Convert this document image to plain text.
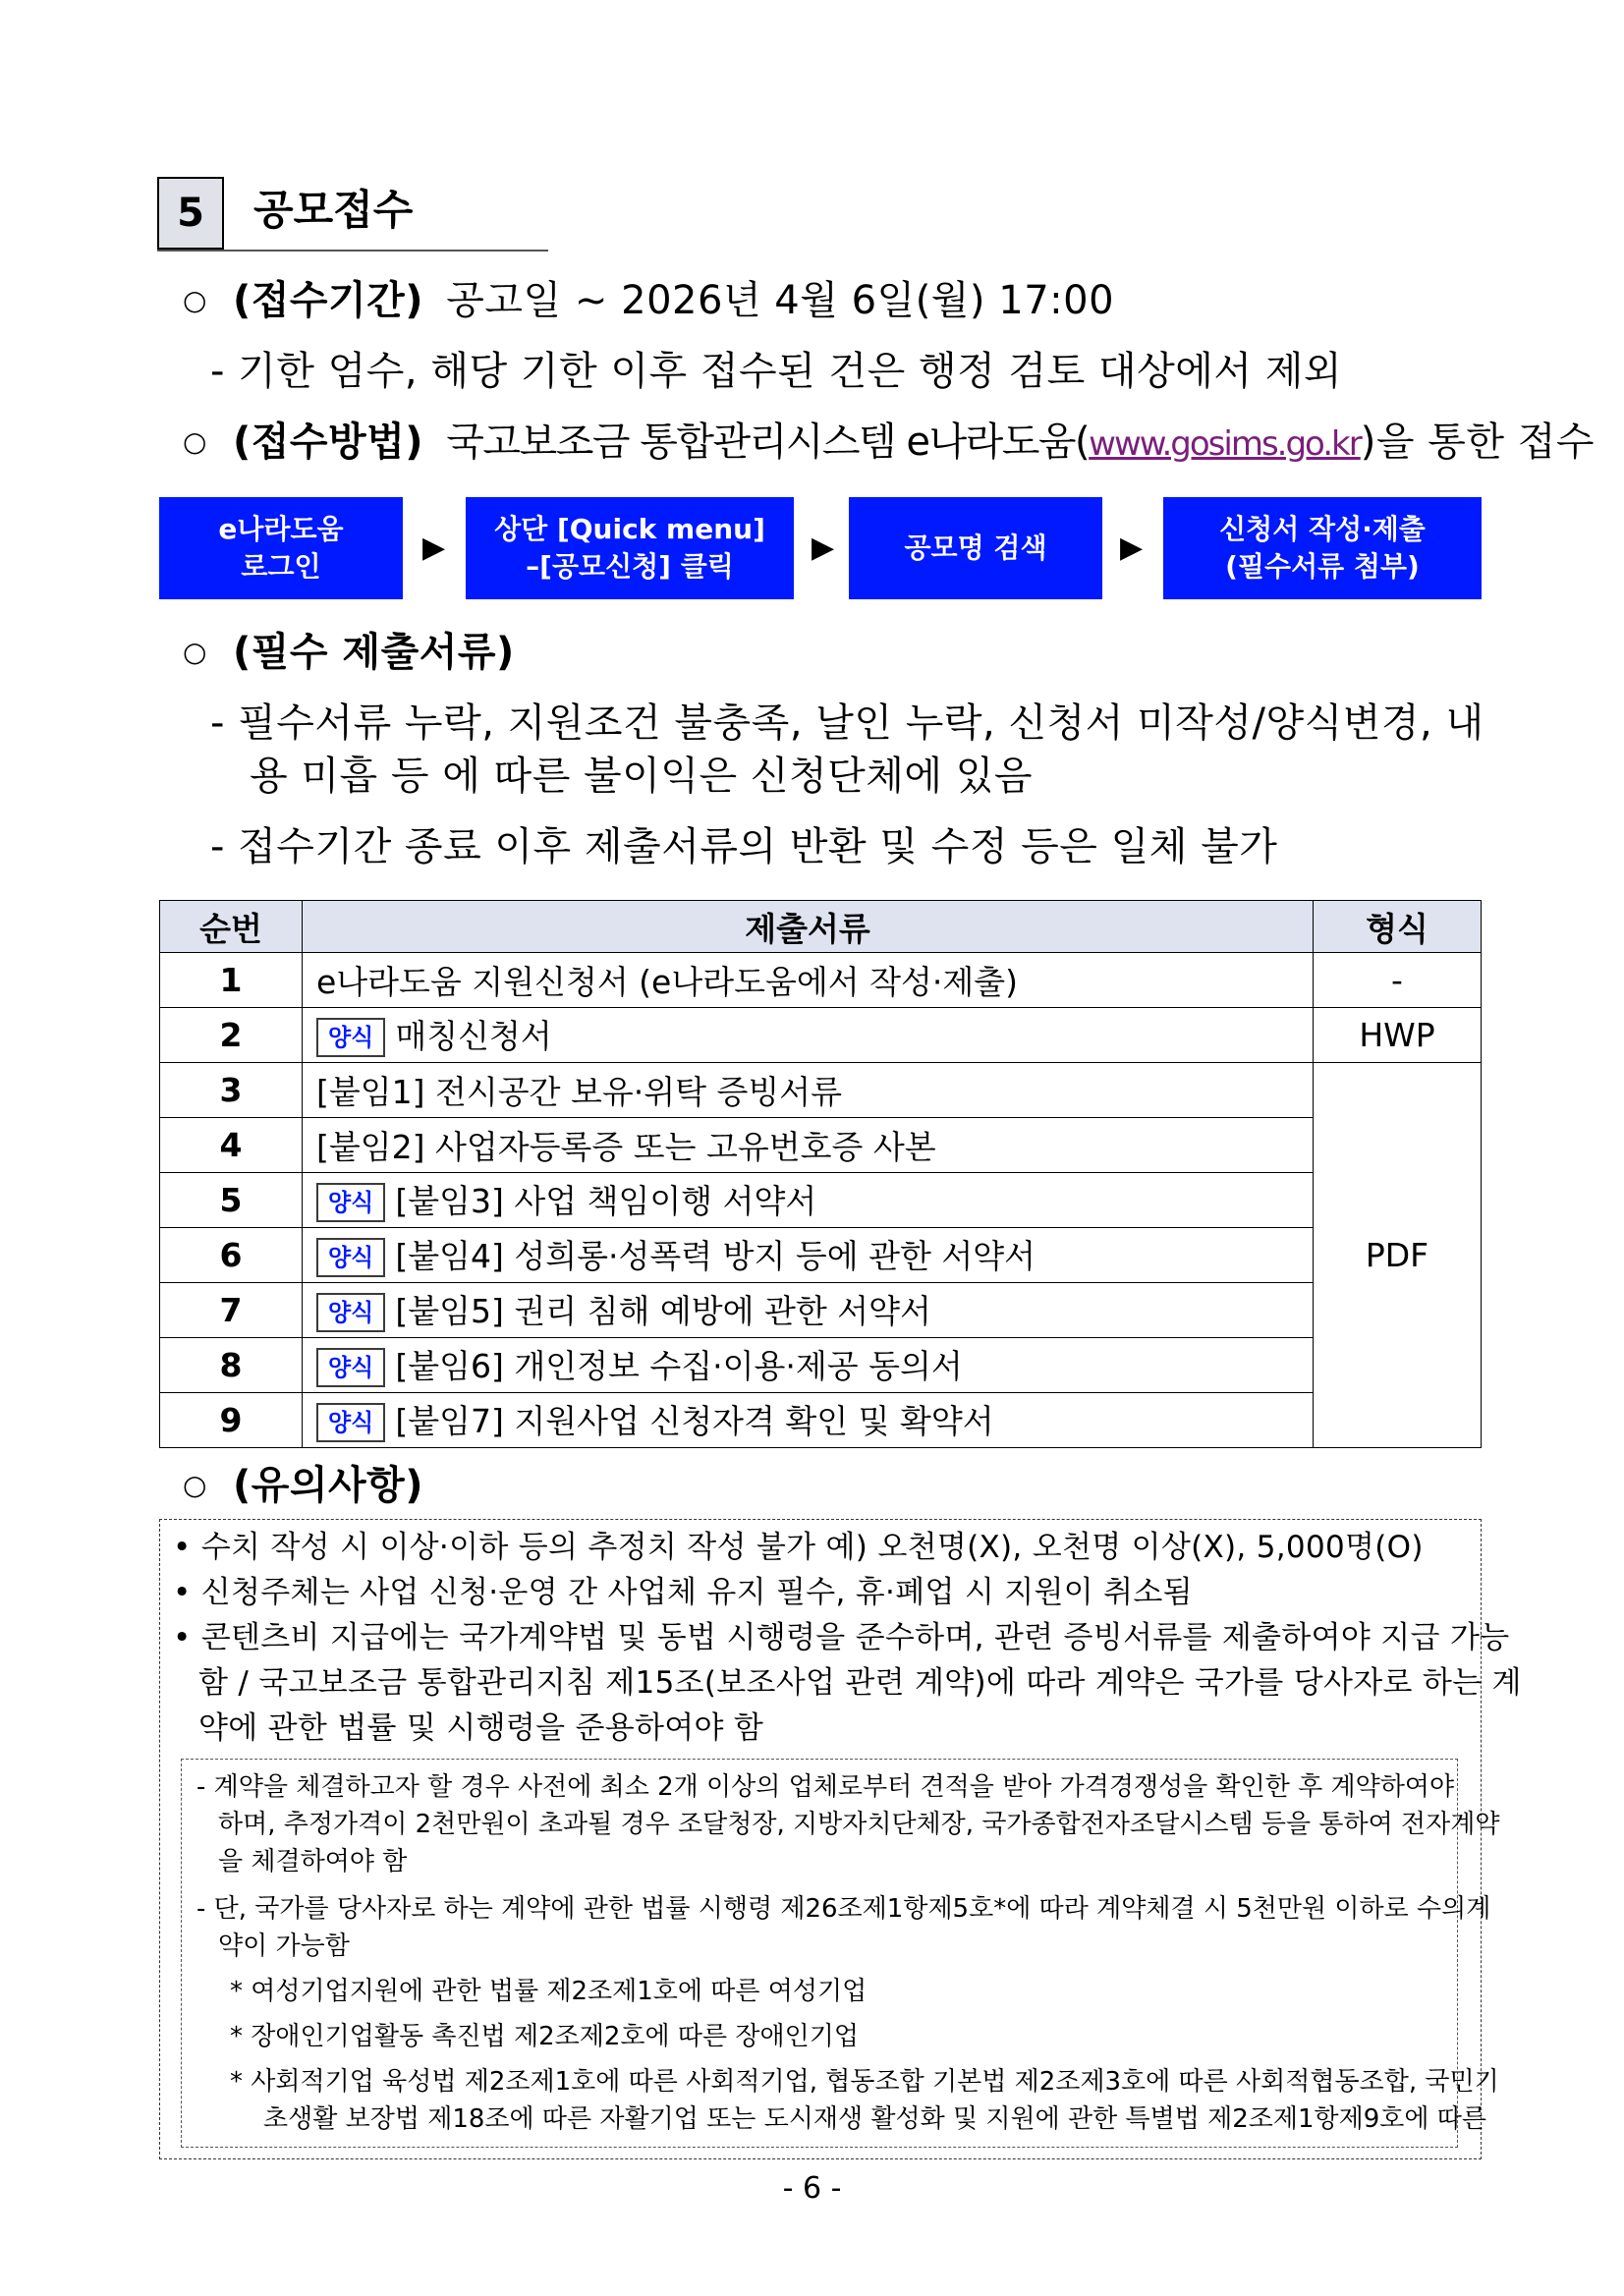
5	공모접수
○ (접수기간) 공고일 ~ 2026년 4월 6일(월) 17:00
- 기한 엄수, 해당 기한 이후 접수된 건은 행정 검토 대상에서 제외
○ (접수방법) 국고보조금 통합관리시스템 e나라도움(www.gosims.go.kr)을 통한 접수
e나라도움
로그인
▶
상단 [Quick menu]
–[공모신청] 클릭
▶	공모명 검색 ▶
신청서 작성·제출
(필수서류 첨부)
○ (필수 제출서류)
- 필수서류 누락, 지원조건 불충족, 날인 누락, 신청서 미작성/양식변경, 내
용 미흡 등 에 따른 불이익은 신청단체에 있음
- 접수기간 종료 이후 제출서류의 반환 및 수정 등은 일체 불가
순번	제출서류	형식
1	e나라도움 지원신청서 (e나라도움에서 작성·제출)	-
2	양식 매칭신청서	HWP
3	[붙임1] 전시공간 보유·위탁 증빙서류	PDF
4	[붙임2] 사업자등록증 또는 고유번호증 사본	
5	양식 [붙임3] 사업 책임이행 서약서	
6	양식 [붙임4] 성희롱·성폭력 방지 등에 관한 서약서	
7	양식 [붙임5] 권리 침해 예방에 관한 서약서	
8	양식 [붙임6] 개인정보 수집·이용·제공 동의서	
9	양식 [붙임7] 지원사업 신청자격 확인 및 확약서	
○ (유의사항)
• 수치 작성 시 이상·이하 등의 추정치 작성 불가 예) 오천명(X), 오천명 이상(X), 5,000명(O)
• 신청주체는 사업 신청·운영 간 사업체 유지 필수, 휴·폐업 시 지원이 취소됨
• 콘텐츠비 지급에는 국가계약법 및 동법 시행령을 준수하며, 관련 증빙서류를 제출하여야 지급 가능
함 / 국고보조금 통합관리지침 제15조(보조사업 관련 계약)에 따라 계약은 국가를 당사자로 하는 계
약에 관한 법률 및 시행령을 준용하여야 함
- 계약을 체결하고자 할 경우 사전에 최소 2개 이상의 업체로부터 견적을 받아 가격경쟁성을 확인한 후 계약하여야
하며, 추정가격이 2천만원이 초과될 경우 조달청장, 지방자치단체장, 국가종합전자조달시스템 등을 통하여 전자계약
을 체결하여야 함
- 단, 국가를 당사자로 하는 계약에 관한 법률 시행령 제26조제1항제5호*에 따라 계약체결 시 5천만원 이하로 수의계
약이 가능함
* 여성기업지원에 관한 법률 제2조제1호에 따른 여성기업
* 장애인기업활동 촉진법 제2조제2호에 따른 장애인기업
* 사회적기업 육성법 제2조제1호에 따른 사회적기업, 협동조합 기본법 제2조제3호에 따른 사회적협동조합, 국민기
초생활 보장법 제18조에 따른 자활기업 또는 도시재생 활성화 및 지원에 관한 특별법 제2조제1항제9호에 따른
- 6 -
